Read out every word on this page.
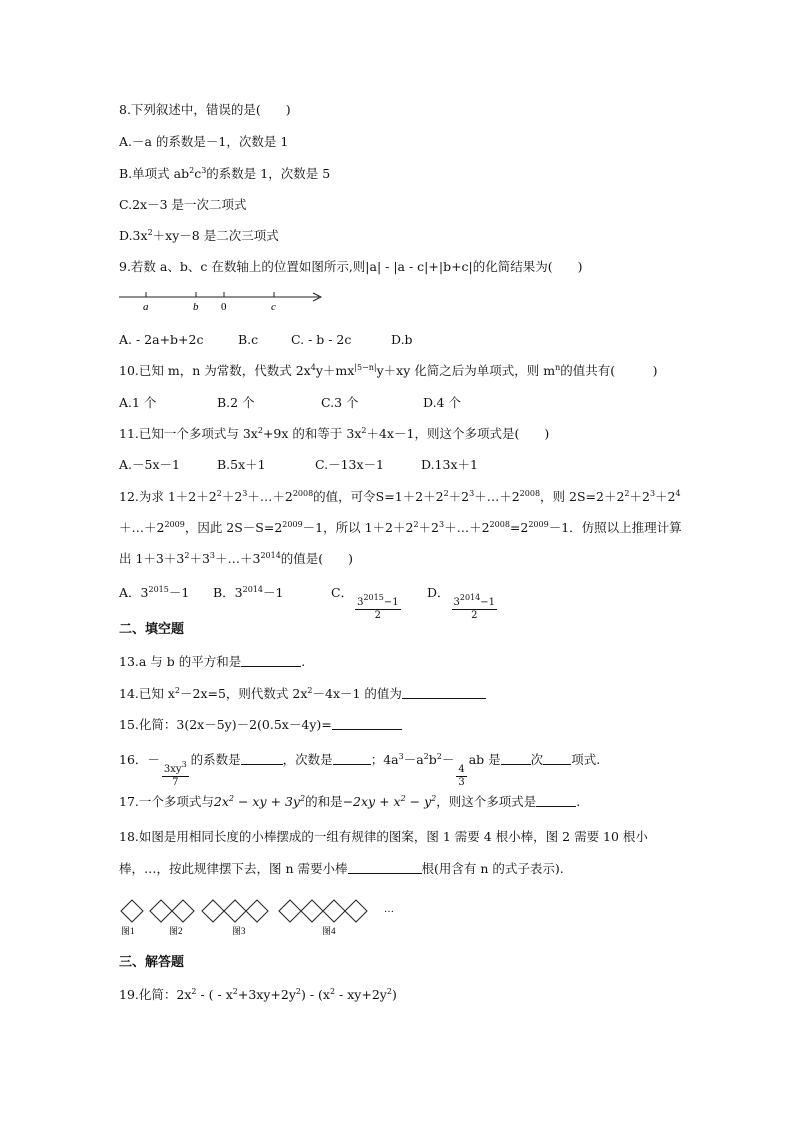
8.下列叙述中，错误的是(　　)
A.－a 的系数是－1，次数是 1
B.单项式 $ab^2c^3$的系数是 1，次数是 5
C.2x－3 是一次二项式
$D.3x^2+xy-8$ 是二次三项式
9.若数 a、b、c 在数轴上的位置如图所示,则|a| - |a - c|+|b+c|的化简结果为(　　)
a	b 0	c
A. - 2a+b+2c	B.c	C. - b - 2c	D.b
10.已知 m，n 为常数，代数式 $2x^4y+mx^{|5-n|}y+xy$ 化简之后为单项式，则 $m^n$的值共有(　　　)
A.1 个	B.2 个	C.3 个	D.4 个
11.已知一个多项式与 $3x^2+9x$ 的和等于 $3x^2+4x-1$，则这个多项式是(　　)
A.－5x－1	B.5x＋1	C.－13x－1	D.13x＋1
12.为求 $1+2+2^2+2^3+\dots+2^{2008}$的值，可令$S=1+2+2^2+2^3+\dots+2^{2008}$，则 $2S=2+2^2+2^3+2^4$
$+\dots+2^{2009}$，因此 $2S-S=2^{2009}-1$，所以 $1+2+2^2+2^3+\dots+2^{2008}=2^{2009}-1$．仿照以上推理计算
出 $1+3+3^2+3^3+\dots+3^{2014}$的值是(　　)
A．$3^{2015}-1$ B．$3^{2014}-1$	C．
$\frac{3^{2015}-1}{2}$
D．
$\frac{3^{2014}-1}{2}$
二、填空题
13.a 与 b 的平方和是	.
14.已知 $x^2-2x=5$，则代数式 $2x^2-4x-1$ 的值为
15.化简：3(2x－5y)－2(0.5x－4y)=
16．－
$\frac{3xy^3}{7}$
的系数是	，次数是	；$4a^3-a^2b^2-$
$\frac{4}{3}$
ab 是 次 项式.
17.一个多项式与$2x^2$ − xy + $3y^2$的和是$-2xy + x^2 - y^2$，则这个多项式是	.
18.如图是用相同长度的小棒摆成的一组有规律的图案，图 1 需要 4 根小棒，图 2 需要 10 根小
棒，…，按此规律摆下去，图 n 需要小棒	根(用含有 n 的式子表示).
…
图1	图2	图3	图4
三、解答题
19.化简：$2x^2$ - ( - $x^2+3xy+2y^2) - (x^2 - xy+2y^2)$
